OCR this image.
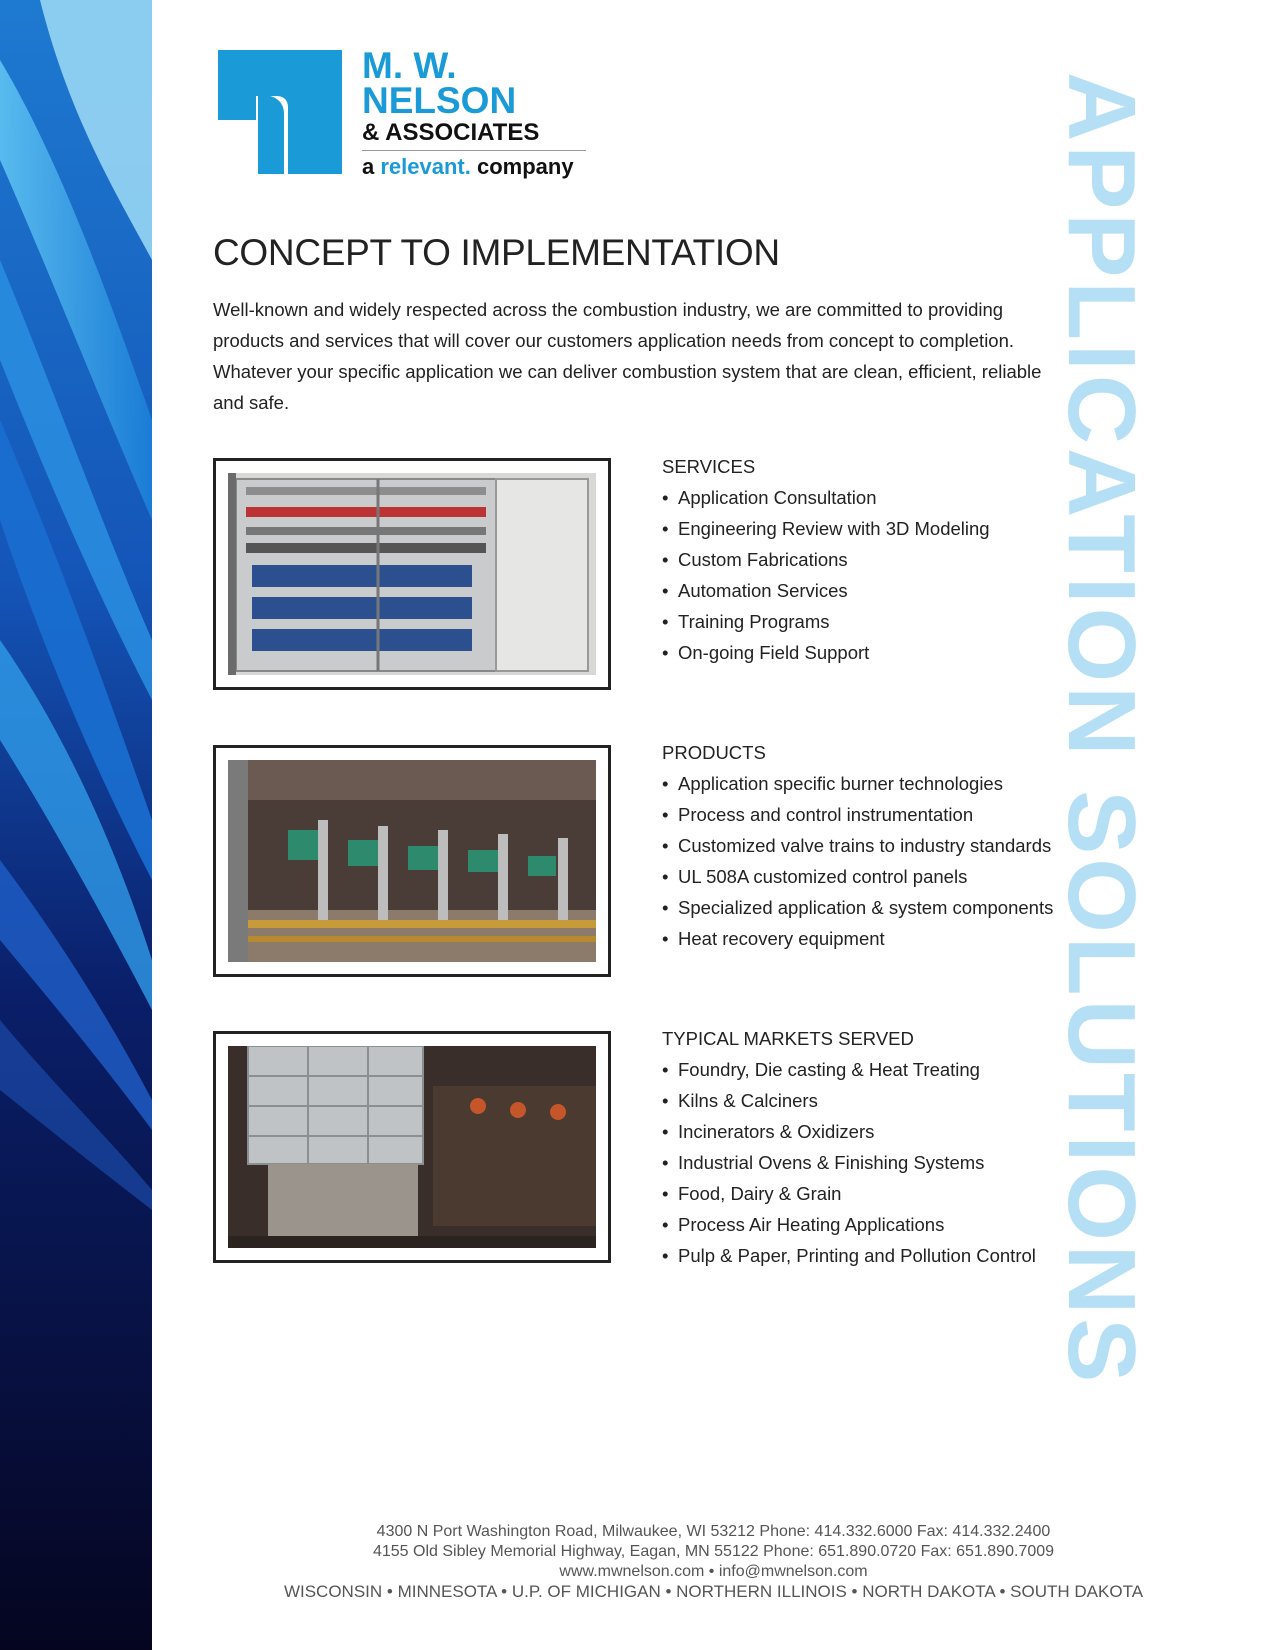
M. W.
NELSON
& ASSOCIATES
a relevant. company	APPLICATION SOLUTIONS
CONCEPT TO IMPLEMENTATION

Well-known and widely respected across the combustion industry, we are committed to providing products and services that will cover our customers application needs from concept to completion. Whatever your specific application we can deliver combustion system that are clean, efficient, reliable and safe.

SERVICES
• Application Consultation
• Engineering Review with 3D Modeling
• Custom Fabrications
• Automation Services
• Training Programs
• On-going Field Support
PRODUCTS
• Application specific burner technologies
• Process and control instrumentation
• Customized valve trains to industry standards
• UL 508A customized control panels
• Specialized application & system components
• Heat recovery equipment
TYPICAL MARKETS SERVED
• Foundry, Die casting & Heat Treating
• Kilns & Calciners
• Incinerators & Oxidizers
• Industrial Ovens & Finishing Systems
• Food, Dairy & Grain
• Process Air Heating Applications
• Pulp & Paper, Printing and Pollution Control
4300 N Port Washington Road, Milwaukee, WI 53212 Phone: 414.332.6000 Fax: 414.332.2400
4155 Old Sibley Memorial Highway, Eagan, MN 55122 Phone: 651.890.0720 Fax: 651.890.7009
www.mwnelson.com • info@mwnelson.com
WISCONSIN • MINNESOTA • U.P. OF MICHIGAN • NORTHERN ILLINOIS • NORTH DAKOTA • SOUTH DAKOTA
